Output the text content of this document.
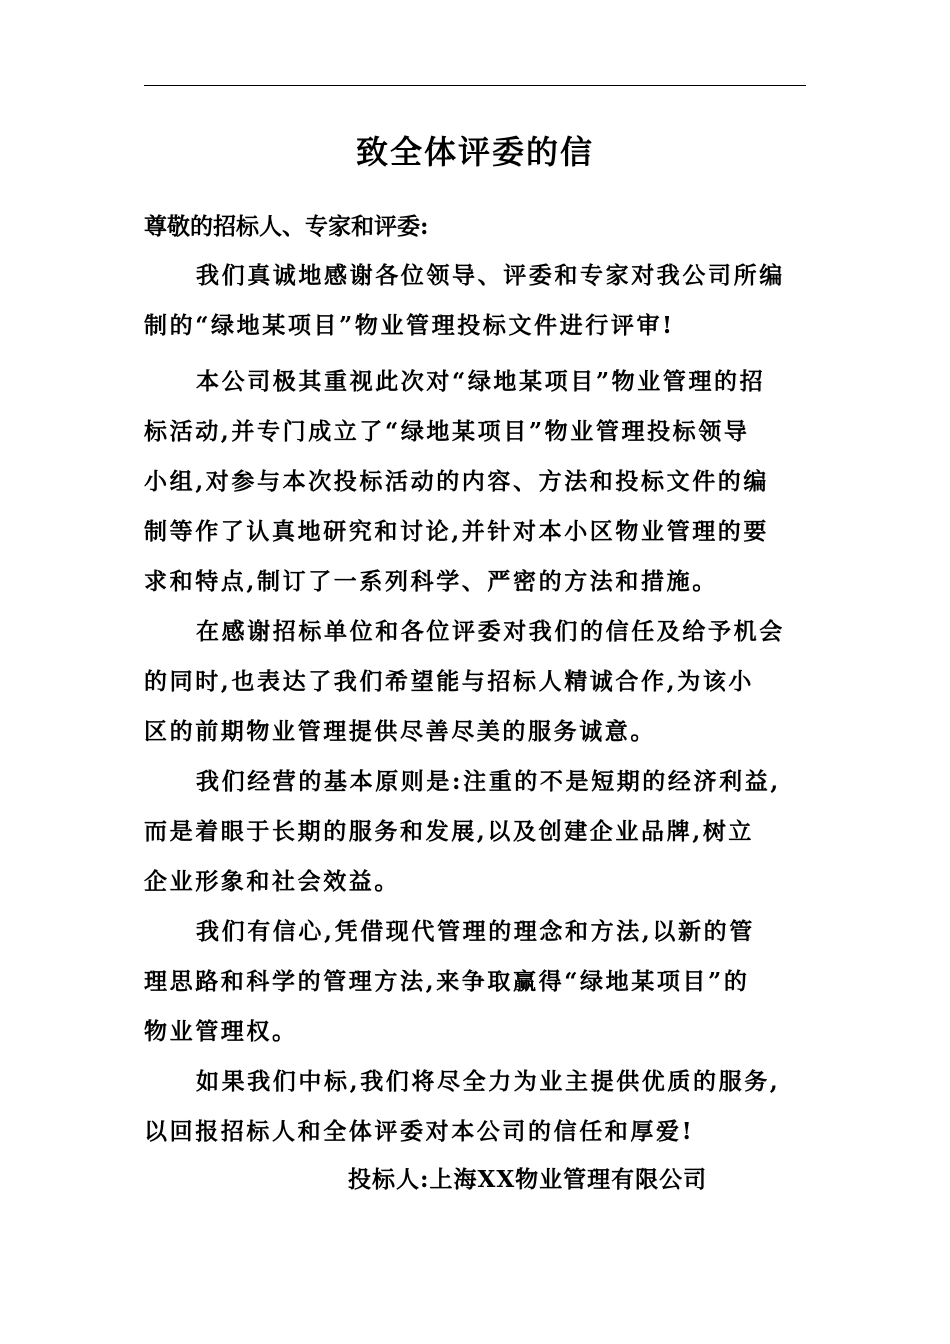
致全体评委的信
尊敬的招标人、专家和评委:

我们真诚地感谢各位领导、评委和专家对我公司所编
制的“绿地某项目”物业管理投标文件进行评审!

本公司极其重视此次对“绿地某项目”物业管理的招
标活动,并专门成立了“绿地某项目”物业管理投标领导
小组,对参与本次投标活动的内容、方法和投标文件的编
制等作了认真地研究和讨论,并针对本小区物业管理的要
求和特点,制订了一系列科学、严密的方法和措施。

在感谢招标单位和各位评委对我们的信任及给予机会
的同时,也表达了我们希望能与招标人精诚合作,为该小
区的前期物业管理提供尽善尽美的服务诚意。

我们经营的基本原则是:注重的不是短期的经济利益,
而是着眼于长期的服务和发展,以及创建企业品牌,树立
企业形象和社会效益。

我们有信心,凭借现代管理的理念和方法,以新的管
理思路和科学的管理方法,来争取赢得“绿地某项目”的
物业管理权。

如果我们中标,我们将尽全力为业主提供优质的服务,
以回报招标人和全体评委对本公司的信任和厚爱!

投标人:上海XX物业管理有限公司
